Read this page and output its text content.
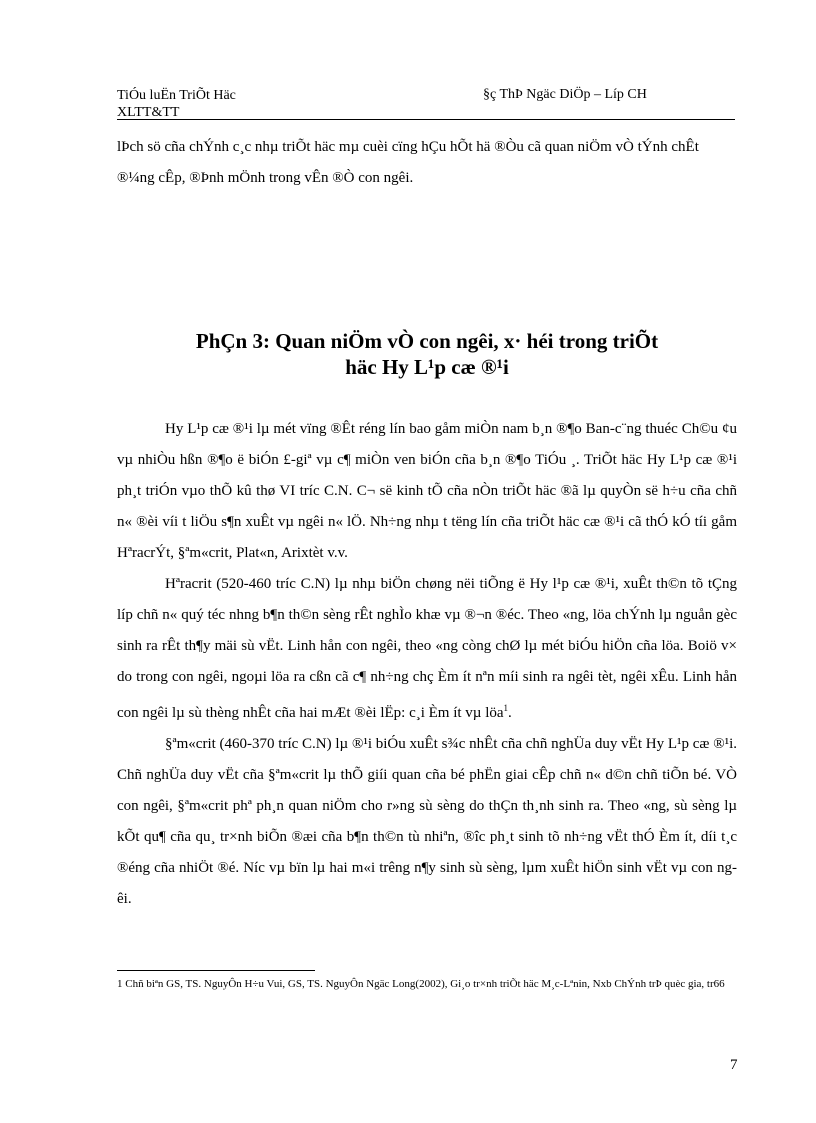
TiÓu luËn TriÕt Häc
XLTT&TT
§ç ThÞ Ngäc DiÖp – Líp CH
lÞch sö cña chÝnh c¸c nhµ triÕt häc mµ cuèi cïng hÇu hÕt hä ®Òu cã quan niÖm vÒ tÝnh chÊt ®¼ng cÊp, ®Þnh mÖnh trong vÊn ®Ò con ngêi.
PhÇn 3: Quan niÖm vÒ con ngêi, x· héi trong triÕt
häc Hy L¹p cæ ®¹i

Hy L¹p cæ ®¹i lµ mét vïng ®Êt réng lín bao gåm miÒn nam b¸n ®¶o Ban-c¨ng thuéc Ch©u ¢u vµ nhiÒu hßn ®¶o ë biÓn £-giª vµ c¶ miÒn ven biÓn cña b¸n ®¶o TiÓu ¸. TriÕt häc Hy L¹p cæ ®¹i ph¸t triÓn vµo thÕ kû thø VI tríc C.N. C¬ së kinh tÕ cña nÒn triÕt häc ®ã lµ quyÒn së h÷u cña chñ n« ®èi víi t liÖu s¶n xuÊt vµ ngêi n« lÖ. Nh÷ng nhµ t tëng lín cña triÕt häc cæ ®¹i cã thÓ kÓ tíi gåm HªracrÝt, §ªm«crit, Plat«n, Arixtèt v.v.

Hªracrit (520-460 tríc C.N) lµ nhµ biÖn chøng nëi tiÕng ë Hy l¹p cæ ®¹i, xuÊt th©n tõ tÇng líp chñ n« quý téc nhng b¶n th©n sèng rÊt nghÌo khæ vµ ®¬n ®éc. Theo «ng, löa chÝnh lµ nguån gèc sinh ra rÊt th¶y mäi sù vËt. Linh hån con ngêi, theo «ng còng chØ lµ mét biÓu hiÖn cña löa. Boiö v× do trong con ngêi, ngoµi löa ra cßn cã c¶ nh÷ng chç Èm ít nªn míi sinh ra ngêi tèt, ngêi xÊu. Linh hån con ngêi lµ sù thèng nhÊt cña hai mÆt ®èi lËp: c¸i Èm ít vµ löa$^1$.

§ªm«crit (460-370 tríc C.N) lµ ®¹i biÓu xuÊt s¾c nhÊt cña chñ nghÜa duy vËt Hy L¹p cæ ®¹i. Chñ nghÜa duy vËt cña §ªm«crit lµ thÕ giíi quan cña bé phËn giai cÊp chñ n« d©n chñ tiÕn bé. VÒ con ngêi, §ªm«crit phª ph¸n quan niÖm cho r»ng sù sèng do thÇn th¸nh sinh ra. Theo «ng, sù sèng lµ kÕt qu¶ cña qu¸ tr×nh biÕn ®æi cña b¶n th©n tù nhiªn, ®îc ph¸t sinh tõ nh÷ng vËt thÓ Èm ít, díi t¸c ®éng cña nhiÖt ®é. Níc vµ bïn lµ hai m«i trêng n¶y sinh sù sèng, lµm xuÊt hiÖn sinh vËt vµ con ngêi.

1 Chñ biªn GS, TS. NguyÔn H÷u Vui, GS, TS. NguyÔn Ngäc Long(2002), Gi¸o tr×nh triÕt häc M¸c-Lªnin, Nxb ChÝnh trÞ quèc gia, tr66
7
